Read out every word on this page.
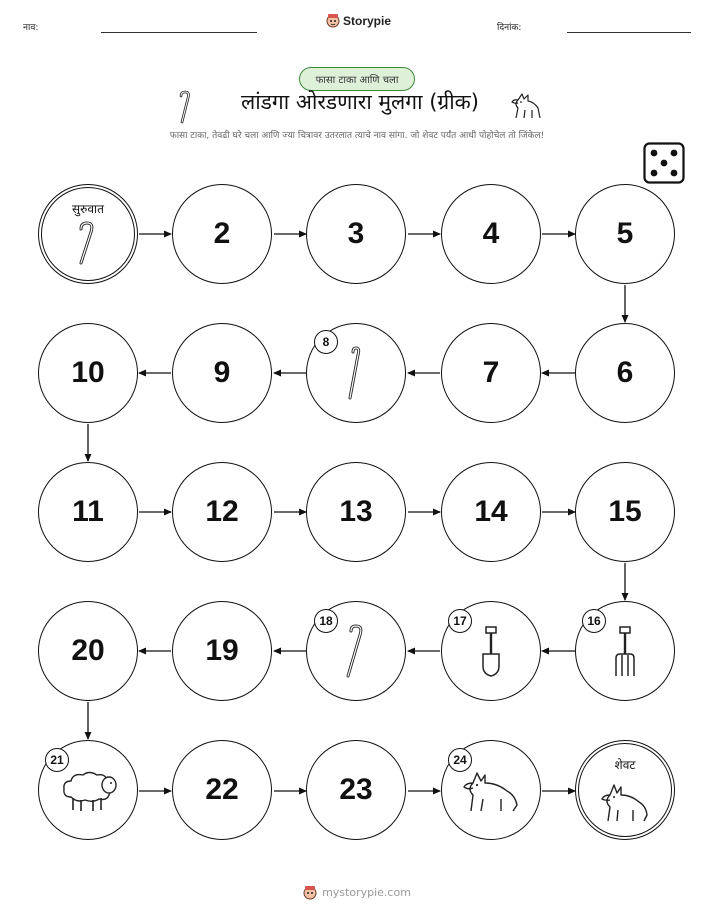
नाव:
Storypie
दिनांक:
फासा टाका आणि चला
लांडगा ओरडणारा मुलगा (ग्रीक)
फासा टाका, तेवढी घरे चला आणि ज्या चित्रावर उतरलात त्याचे नाव सांगा. जो शेवट पर्यंत आधी पोहोचेल तो जिंकेल!
सुरुवात
2	3	4	5
10	9
8
7	6
11	12	13	14	15
20	19
18	17	16
21
22	23
24	शेवट
mystorypie.com
